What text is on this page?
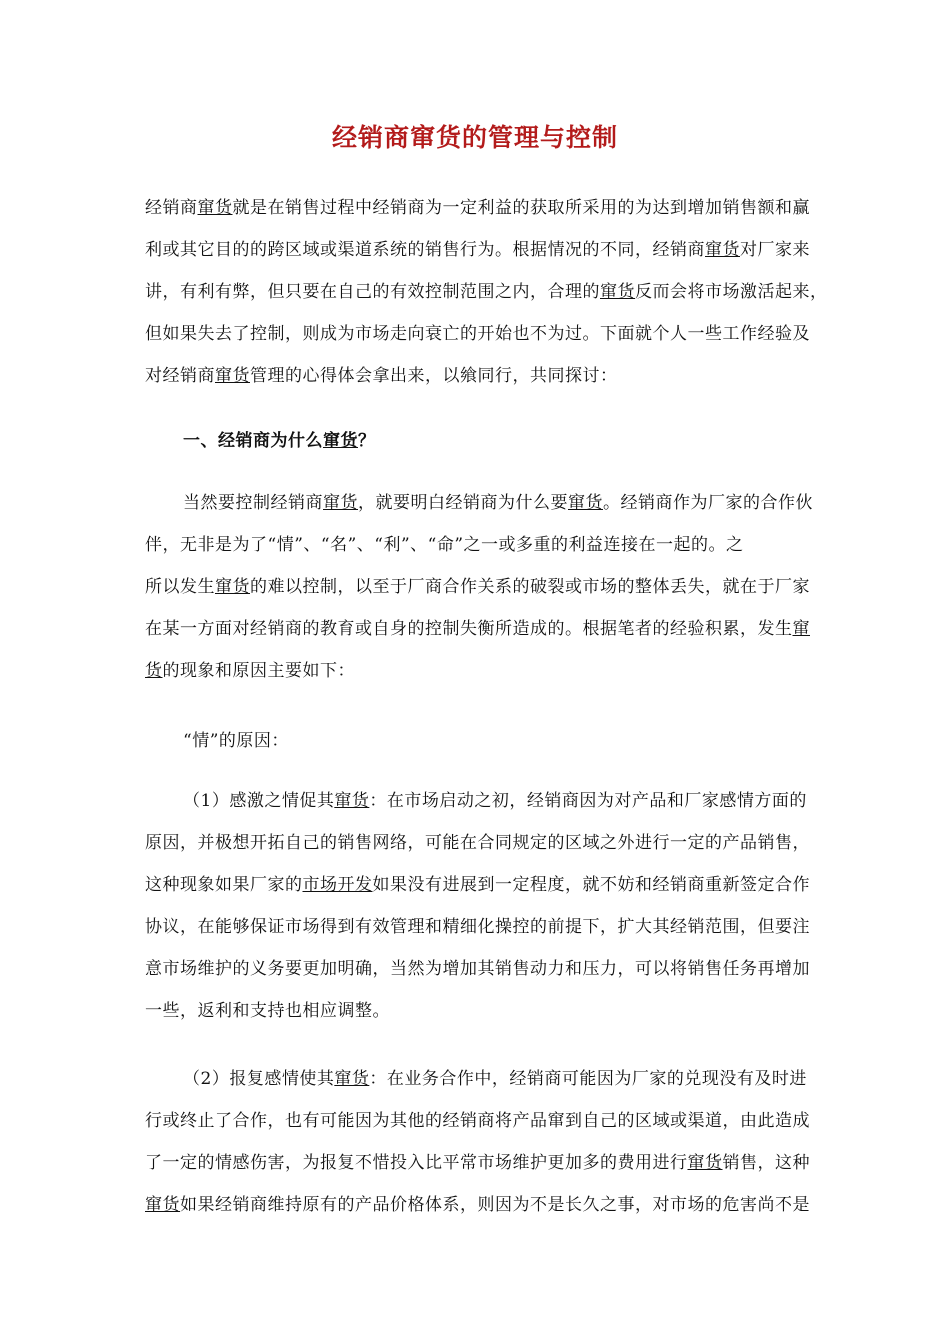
经销商窜货的管理与控制
经销商窜货就是在销售过程中经销商为一定利益的获取所采用的为达到增加销售额和赢
利或其它目的的跨区域或渠道系统的销售行为。根据情况的不同，经销商窜货对厂家来
讲，有利有弊，但只要在自己的有效控制范围之内，合理的窜货反而会将市场激活起来，
但如果失去了控制，则成为市场走向衰亡的开始也不为过。下面就个人一些工作经验及
对经销商窜货管理的心得体会拿出来，以飨同行，共同探讨：
一、经销商为什么窜货？
当然要控制经销商窜货，就要明白经销商为什么要窜货。经销商作为厂家的合作伙
伴，无非是为了“情”、“名”、“利”、“命”之一或多重的利益连接在一起的。之
所以发生窜货的难以控制，以至于厂商合作关系的破裂或市场的整体丢失，就在于厂家
在某一方面对经销商的教育或自身的控制失衡所造成的。根据笔者的经验积累，发生窜
货的现象和原因主要如下：
“情”的原因：
（1）感激之情促其窜货：在市场启动之初，经销商因为对产品和厂家感情方面的
原因，并极想开拓自己的销售网络，可能在合同规定的区域之外进行一定的产品销售，
这种现象如果厂家的市场开发如果没有进展到一定程度，就不妨和经销商重新签定合作
协议，在能够保证市场得到有效管理和精细化操控的前提下，扩大其经销范围，但要注
意市场维护的义务要更加明确，当然为增加其销售动力和压力，可以将销售任务再增加
一些，返利和支持也相应调整。
（2）报复感情使其窜货：在业务合作中，经销商可能因为厂家的兑现没有及时进
行或终止了合作，也有可能因为其他的经销商将产品窜到自己的区域或渠道，由此造成
了一定的情感伤害，为报复不惜投入比平常市场维护更加多的费用进行窜货销售，这种
窜货如果经销商维持原有的产品价格体系，则因为不是长久之事，对市场的危害尚不是
